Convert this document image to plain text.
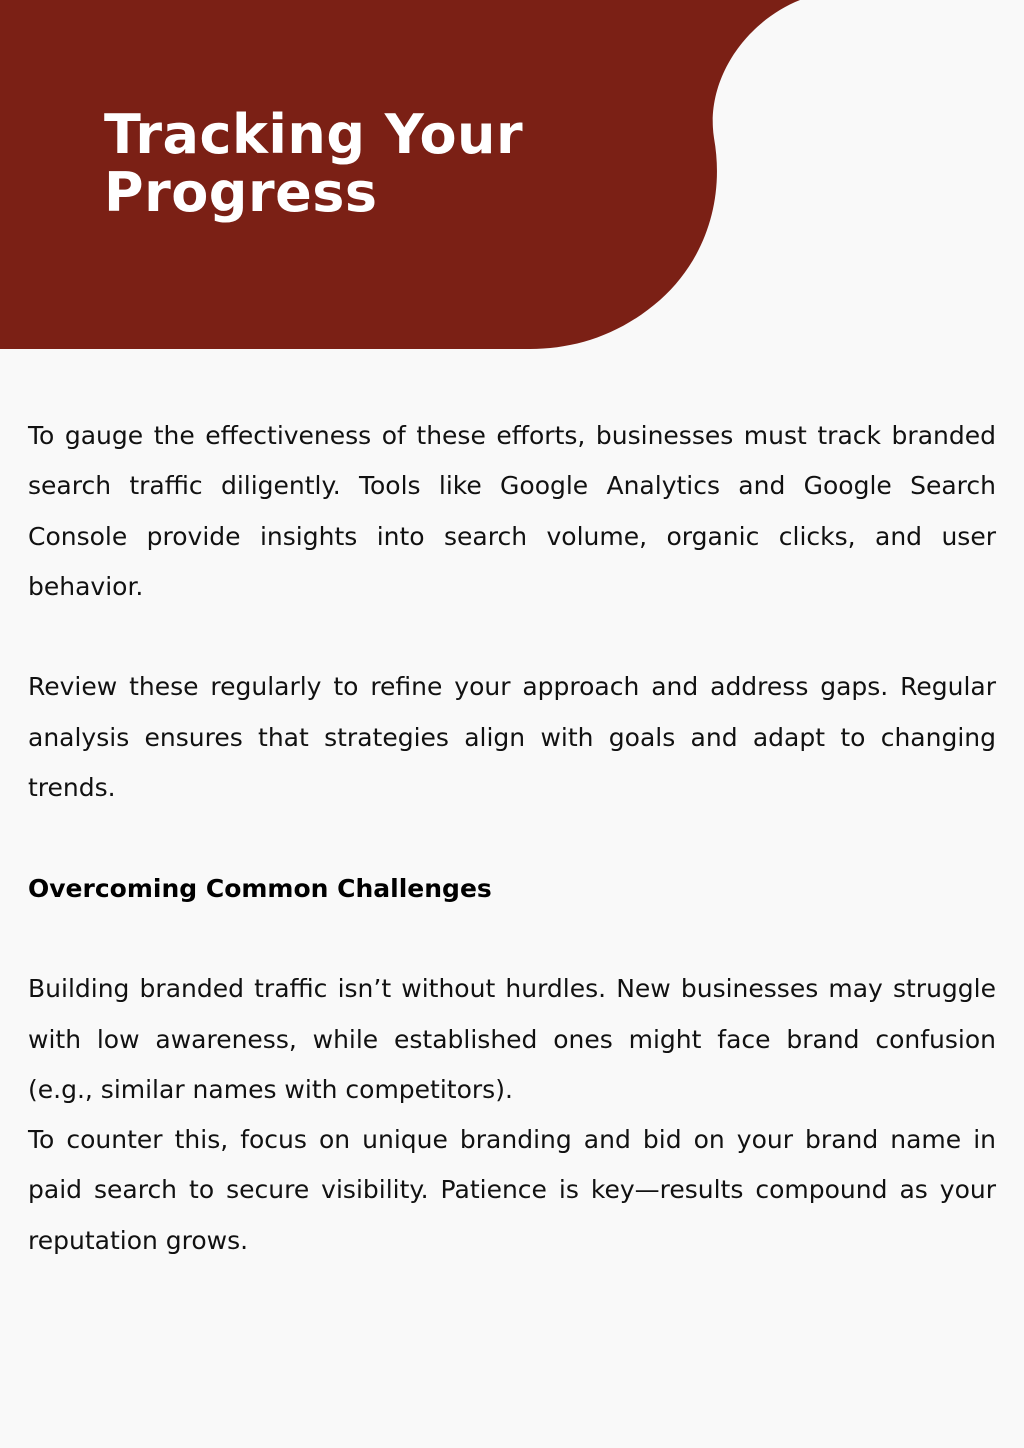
Tracking Your Progress

To gauge the effectiveness of these efforts, businesses must track branded search traffic diligently. Tools like Google Analytics and Google Search Console provide insights into search volume, organic clicks, and user behavior.

Review these regularly to refine your approach and address gaps. Regular analysis ensures that strategies align with goals and adapt to changing trends.

Overcoming Common Challenges

Building branded traffic isn’t without hurdles. New businesses may struggle with low awareness, while established ones might face brand confusion (e.g., similar names with competitors).

To counter this, focus on unique branding and bid on your brand name in paid search to secure visibility. Patience is key—results compound as your reputation grows.
